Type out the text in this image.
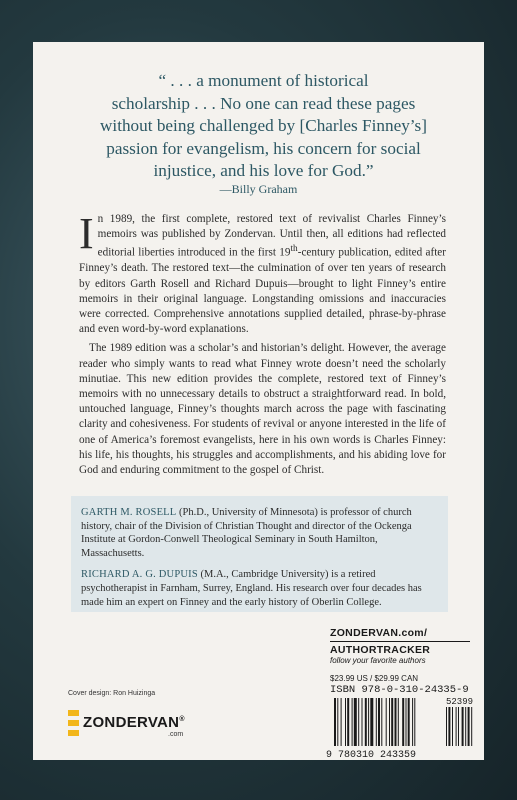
“ . . . a monument of historical
scholarship . . . No one can read these pages
without being challenged by [Charles Finney’s]
passion for evangelism, his concern for social
injustice, and his love for God.”
—Billy Graham

In 1989, the first complete, restored text of revivalist Charles Finney’s memoirs was published by Zondervan. Until then, all editions had reflected editorial liberties introduced in the first 19th-century publication, edited after Finney’s death. The restored text—the culmination of over ten years of research by editors Garth Rosell and Richard Dupuis—brought to light Finney’s entire memoirs in their original language. Longstanding omissions and inaccuracies were corrected. Comprehensive annotations supplied detailed, phrase-by-phrase and even word-by-word explanations.

The 1989 edition was a scholar’s and historian’s delight. However, the average reader who simply wants to read what Finney wrote doesn’t need the scholarly minutiae. This new edition provides the complete, restored text of Finney’s memoirs with no unnecessary details to obstruct a straightforward read. In bold, untouched language, Finney’s thoughts march across the page with fascinating clarity and cohesiveness. For students of revival or anyone interested in the life of one of America’s foremost evangelists, here in his own words is Charles Finney: his life, his thoughts, his struggles and accomplishments, and his abiding love for God and enduring commitment to the gospel of Christ.

GARTH M. ROSELL (Ph.D., University of Minnesota) is professor of church history, chair of the Division of Christian Thought and director of the Ockenga Institute at Gordon-Conwell Theological Seminary in South Hamilton, Massachusetts.

RICHARD A. G. DUPUIS (M.A., Cambridge University) is a retired psychotherapist in Farnham, Surrey, England. His research over four decades has made him an expert on Finney and the early history of Oberlin College.

Cover design: Ron Huizinga
ZONDERVAN®
.com
ZONDERVAN.com/
AUTHORTRACKER
follow your favorite authors
$23.99 US / $29.99 CAN
ISBN 978-0-310-24335-9
9 780310 243359
52399
